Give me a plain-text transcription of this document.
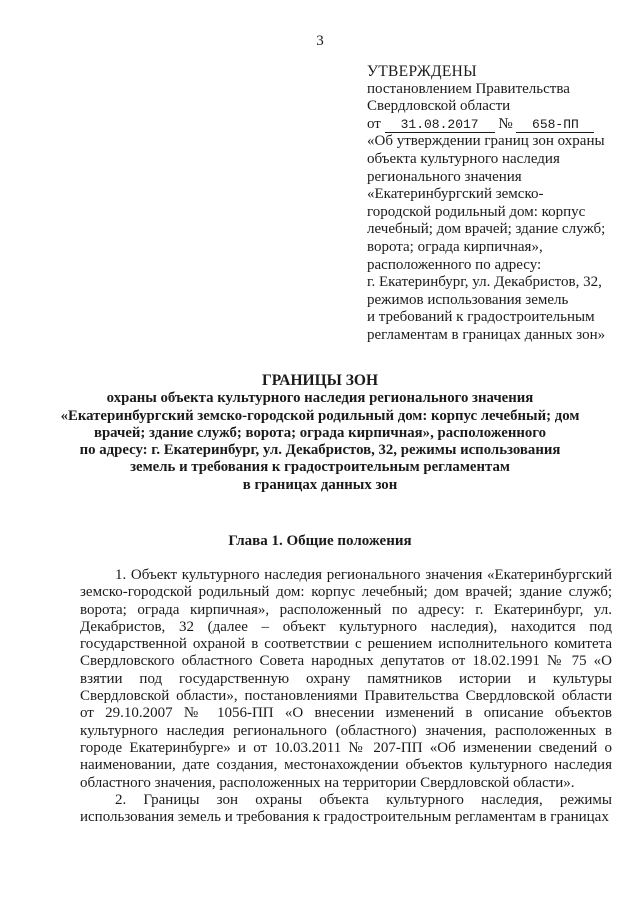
3
УТВЕРЖДЕНЫ
постановлением Правительства
Свердловской области
от 31.08.2017 № 658-ПП
«Об утверждении границ зон охраны
объекта культурного наследия
регионального значения
«Екатеринбургский земско-
городской родильный дом: корпус
лечебный; дом врачей; здание служб;
ворота; ограда кирпичная»,
расположенного по адресу:
г. Екатеринбург, ул. Декабристов, 32,
режимов использования земель
и требований к градостроительным
регламентам в границах данных зон»
ГРАНИЦЫ ЗОН
охраны объекта культурного наследия регионального значения
«Екатеринбургский земско-городской родильный дом: корпус лечебный; дом
врачей; здание служб; ворота; ограда кирпичная», расположенного
по адресу: г. Екатеринбург, ул. Декабристов, 32, режимы использования
земель и требования к градостроительным регламентам
в границах данных зон
Глава 1. Общие положения

1. Объект культурного наследия регионального значения «Екатеринбургский земско-городской родильный дом: корпус лечебный; дом врачей; здание служб; ворота; ограда кирпичная», расположенный по адресу: г. Екатеринбург, ул. Декабристов, 32 (далее – объект культурного наследия), находится под государственной охраной в соответствии с решением исполнительного комитета Свердловского областного Совета народных депутатов от 18.02.1991 № 75 «О взятии под государственную охрану памятников истории и культуры Свердловской области», постановлениями Правительства Свердловской области от 29.10.2007 № 1056-ПП «О внесении изменений в описание объектов культурного наследия регионального (областного) значения, расположенных в городе Екатеринбурге» и от 10.03.2011 № 207-ПП «Об изменении сведений о наименовании, дате создания, местонахождении объектов культурного наследия областного значения, расположенных на территории Свердловской области».

2. Границы зон охраны объекта культурного наследия, режимы использования земель и требования к градостроительным регламентам в границах
